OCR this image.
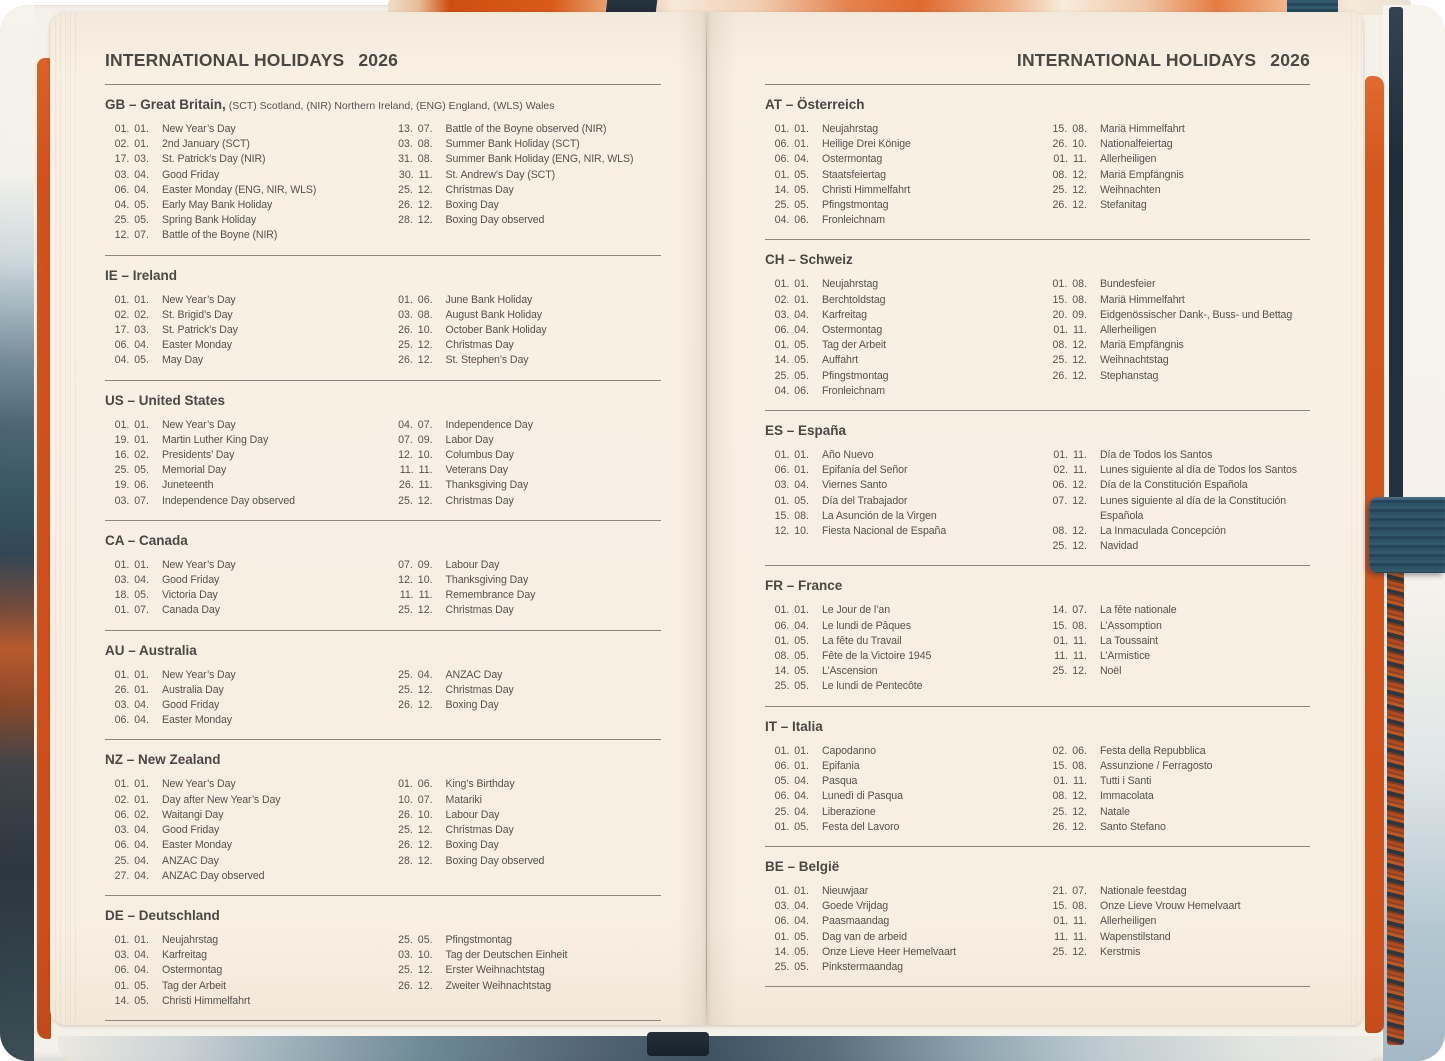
INTERNATIONAL HOLIDAYS 2026
GB – Great Britain, (SCT) Scotland, (NIR) Northern Ireland, (ENG) England, (WLS) Wales
01. 01. New Year’s Day
02. 01. 2nd January (SCT)
17. 03. St. Patrick’s Day (NIR)
03. 04. Good Friday
06. 04. Easter Monday (ENG, NIR, WLS)
04. 05. Early May Bank Holiday
25. 05. Spring Bank Holiday
12. 07. Battle of the Boyne (NIR)
13. 07. Battle of the Boyne observed (NIR)
03. 08. Summer Bank Holiday (SCT)
31. 08. Summer Bank Holiday (ENG, NIR, WLS)
30. 11. St. Andrew’s Day (SCT)
25. 12. Christmas Day
26. 12. Boxing Day
28. 12. Boxing Day observed
IE – Ireland
01. 01. New Year’s Day
02. 02. St. Brigid’s Day
17. 03. St. Patrick’s Day
06. 04. Easter Monday
04. 05. May Day
01. 06. June Bank Holiday
03. 08. August Bank Holiday
26. 10. October Bank Holiday
25. 12. Christmas Day
26. 12. St. Stephen’s Day
US – United States
01. 01. New Year’s Day
19. 01. Martin Luther King Day
16. 02. Presidents’ Day
25. 05. Memorial Day
19. 06. Juneteenth
03. 07. Independence Day observed
04. 07. Independence Day
07. 09. Labor Day
12. 10. Columbus Day
11. 11. Veterans Day
26. 11. Thanksgiving Day
25. 12. Christmas Day
CA – Canada
01. 01. New Year’s Day
03. 04. Good Friday
18. 05. Victoria Day
01. 07. Canada Day
07. 09. Labour Day
12. 10. Thanksgiving Day
11. 11. Remembrance Day
25. 12. Christmas Day
AU – Australia
01. 01. New Year’s Day
26. 01. Australia Day
03. 04. Good Friday
06. 04. Easter Monday
25. 04. ANZAC Day
25. 12. Christmas Day
26. 12. Boxing Day
NZ – New Zealand
01. 01. New Year’s Day
02. 01. Day after New Year’s Day
06. 02. Waitangi Day
03. 04. Good Friday
06. 04. Easter Monday
25. 04. ANZAC Day
27. 04. ANZAC Day observed
01. 06. King’s Birthday
10. 07. Matariki
26. 10. Labour Day
25. 12. Christmas Day
26. 12. Boxing Day
28. 12. Boxing Day observed
DE – Deutschland
01. 01. Neujahrstag
03. 04. Karfreitag
06. 04. Ostermontag
01. 05. Tag der Arbeit
14. 05. Christi Himmelfahrt
25. 05. Pfingstmontag
03. 10. Tag der Deutschen Einheit
25. 12. Erster Weihnachtstag
26. 12. Zweiter Weihnachtstag
INTERNATIONAL HOLIDAYS 2026
AT – Österreich
01. 01. Neujahrstag
06. 01. Heilige Drei Könige
06. 04. Ostermontag
01. 05. Staatsfeiertag
14. 05. Christi Himmelfahrt
25. 05. Pfingstmontag
04. 06. Fronleichnam
15. 08. Mariä Himmelfahrt
26. 10. Nationalfeiertag
01. 11. Allerheiligen
08. 12. Mariä Empfängnis
25. 12. Weihnachten
26. 12. Stefanitag
CH – Schweiz
01. 01. Neujahrstag
02. 01. Berchtoldstag
03. 04. Karfreitag
06. 04. Ostermontag
01. 05. Tag der Arbeit
14. 05. Auffahrt
25. 05. Pfingstmontag
04. 06. Fronleichnam
01. 08. Bundesfeier
15. 08. Mariä Himmelfahrt
20. 09. Eidgenössischer Dank-, Buss- und Bettag
01. 11. Allerheiligen
08. 12. Mariä Empfängnis
25. 12. Weihnachtstag
26. 12. Stephanstag
ES – España
01. 01. Año Nuevo
06. 01. Epifanía del Señor
03. 04. Viernes Santo
01. 05. Día del Trabajador
15. 08. La Asunción de la Virgen
12. 10. Fiesta Nacional de España
01. 11. Día de Todos los Santos
02. 11. Lunes siguiente al día de Todos los Santos
06. 12. Día de la Constitución Española
07. 12. Lunes siguiente al día de la Constitución Española
08. 12. La Inmaculada Concepción
25. 12. Navidad
FR – France
01. 01. Le Jour de l’an
06. 04. Le lundi de Pâques
01. 05. La fête du Travail
08. 05. Fête de la Victoire 1945
14. 05. L’Ascension
25. 05. Le lundi de Pentecôte
14. 07. La fête nationale
15. 08. L’Assomption
01. 11. La Toussaint
11. 11. L’Armistice
25. 12. Noël
IT – Italia
01. 01. Capodanno
06. 01. Epifania
05. 04. Pasqua
06. 04. Lunedì di Pasqua
25. 04. Liberazione
01. 05. Festa del Lavoro
02. 06. Festa della Repubblica
15. 08. Assunzione / Ferragosto
01. 11. Tutti i Santi
08. 12. Immacolata
25. 12. Natale
26. 12. Santo Stefano
BE – België
01. 01. Nieuwjaar
03. 04. Goede Vrijdag
06. 04. Paasmaandag
01. 05. Dag van de arbeid
14. 05. Onze Lieve Heer Hemelvaart
25. 05. Pinkstermaandag
21. 07. Nationale feestdag
15. 08. Onze Lieve Vrouw Hemelvaart
01. 11. Allerheiligen
11. 11. Wapenstilstand
25. 12. Kerstmis
